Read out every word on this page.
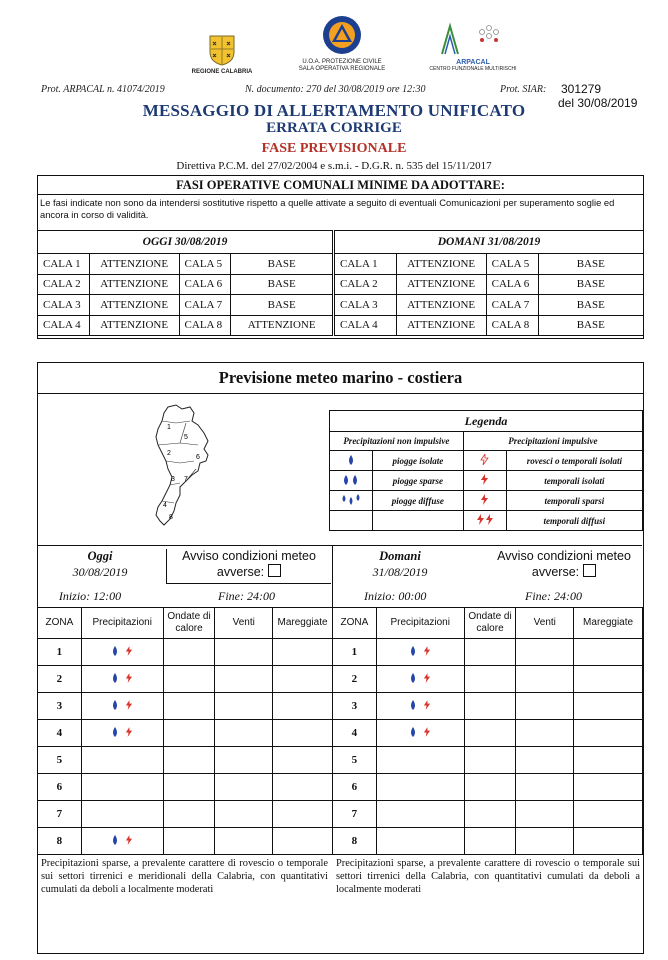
REGIONE CALABRIA
U.O.A. PROTEZIONE CIVILE
SALA OPERATIVA REGIONALE
ARPACAL
CENTRO FUNZIONALE MULTIRISCHI
Prot. ARPACAL n. 41074/2019	N. documento: 270 del 30/08/2019 ore 12:30	Prot. SIAR: 301279
del 30/08/2019
MESSAGGIO DI ALLERTAMENTO UNIFICATO
ERRATA CORRIGE
FASE PREVISIONALE
Direttiva P.C.M. del 27/02/2004 e s.m.i. - D.G.R. n. 535 del 15/11/2017
FASI OPERATIVE COMUNALI MINIME DA ADOTTARE:
Le fasi indicate non sono da intendersi sostitutive rispetto a quelle attivate a seguito di eventuali Comunicazioni per superamento soglie ed ancora in corso di validità.
OGGI 30/08/2019			
CALA 1	ATTENZIONE	CALA 5	BASE
CALA 2	ATTENZIONE	CALA 6	BASE
CALA 3	ATTENZIONE	CALA 7	BASE
CALA 4	ATTENZIONE	CALA 8	ATTENZIONE
DOMANI 31/08/2019			
CALA 1	ATTENZIONE	CALA 5	BASE
CALA 2	ATTENZIONE	CALA 6	BASE
CALA 3	ATTENZIONE	CALA 7	BASE
CALA 4	ATTENZIONE	CALA 8	BASE
Previsione meteo marino - costiera
1
2
3
4
5
6
7
8
Legenda			
Precipitazioni non impulsive		Precipitazioni impulsive	
	piogge isolate		rovesci o temporali isolati
	piogge sparse		temporali isolati
	piogge diffuse		temporali sparsi
			temporali diffusi
Oggi
30/08/2019
Avviso condizioni meteo avverse:
Inizio: 12:00	Fine: 24:00
Domani
31/08/2019
Avviso condizioni meteo avverse:
Inizio: 00:00	Fine: 24:00
ZONA	Precipitazioni	Ondate di calore	Venti	Mareggiate
1				
2				
3				
4				
5				
6				
7				
8				
ZONA	Precipitazioni	Ondate di calore	Venti	Mareggiate
1				
2				
3				
4				
5				
6				
7				
8				
Precipitazioni sparse, a prevalente carattere di rovescio o temporale sui settori tirrenici e meridionali della Calabria, con quantitativi cumulati da deboli a localmente moderati
Precipitazioni sparse, a prevalente carattere di rovescio o temporale sui settori tirrenici della Calabria, con quantitativi cumulati da deboli a localmente moderati
